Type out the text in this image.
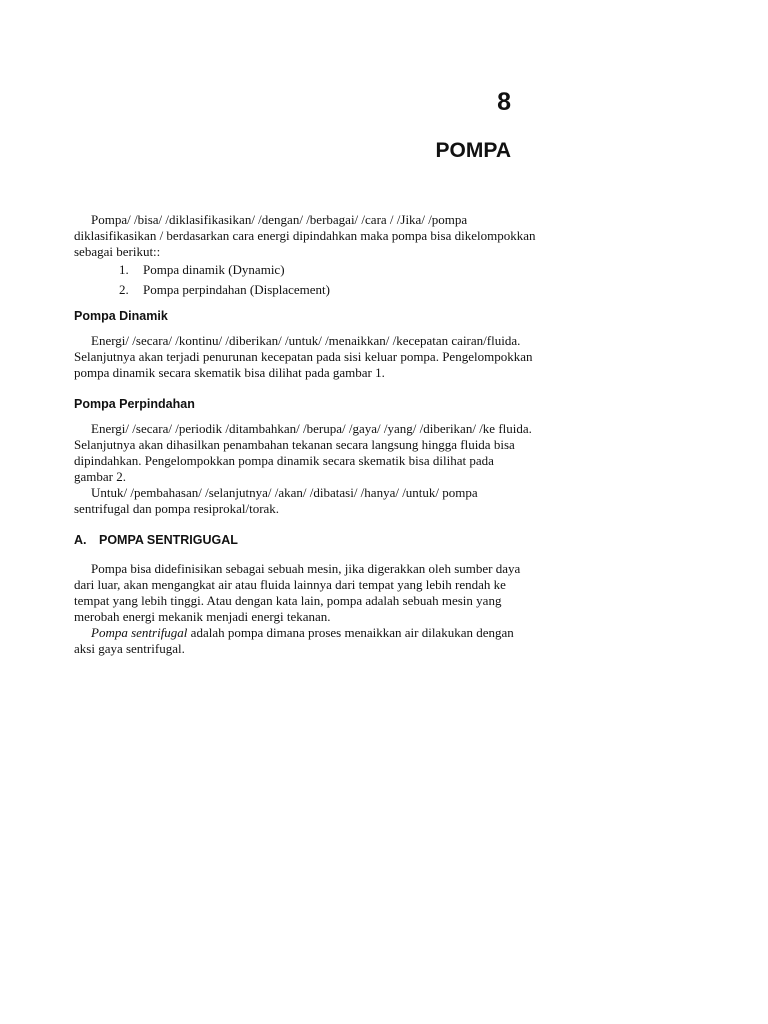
8
POMPA

Pompa/ /bisa/ /diklasifikasikan/ /dengan/ /berbagai/ /cara / /Jika/ /pompa diklasifikasikan / berdasarkan cara energi dipindahkan maka pompa bisa dikelompokkan sebagai berikut::

1.	Pompa dinamik (Dynamic)
2.	Pompa perpindahan (Displacement)
Pompa Dinamik

Energi/ /secara/ /kontinu/ /diberikan/ /untuk/ /menaikkan/ /kecepatan cairan/fluida. Selanjutnya akan terjadi penurunan kecepatan pada sisi keluar pompa. Pengelompokkan pompa dinamik secara skematik bisa dilihat pada gambar 1.

Pompa Perpindahan

Energi/ /secara/ /periodik /ditambahkan/ /berupa/ /gaya/ /yang/ /diberikan/ /ke fluida. Selanjutnya akan dihasilkan penambahan tekanan secara langsung hingga fluida bisa dipindahkan. Pengelompokkan pompa dinamik secara skematik bisa dilihat pada gambar 2.

Untuk/ /pembahasan/ /selanjutnya/ /akan/ /dibatasi/ /hanya/ /untuk/ pompa sentrifugal dan pompa resiprokal/torak.

A.	POMPA SENTRIGUGAL

Pompa bisa didefinisikan sebagai sebuah mesin, jika digerakkan oleh sumber daya dari luar, akan mengangkat air atau fluida lainnya dari tempat yang lebih rendah ke tempat yang lebih tinggi. Atau dengan kata lain, pompa adalah sebuah mesin yang merobah energi mekanik menjadi energi tekanan.

Pompa sentrifugal adalah pompa dimana proses menaikkan air dilakukan dengan aksi gaya sentrifugal.
